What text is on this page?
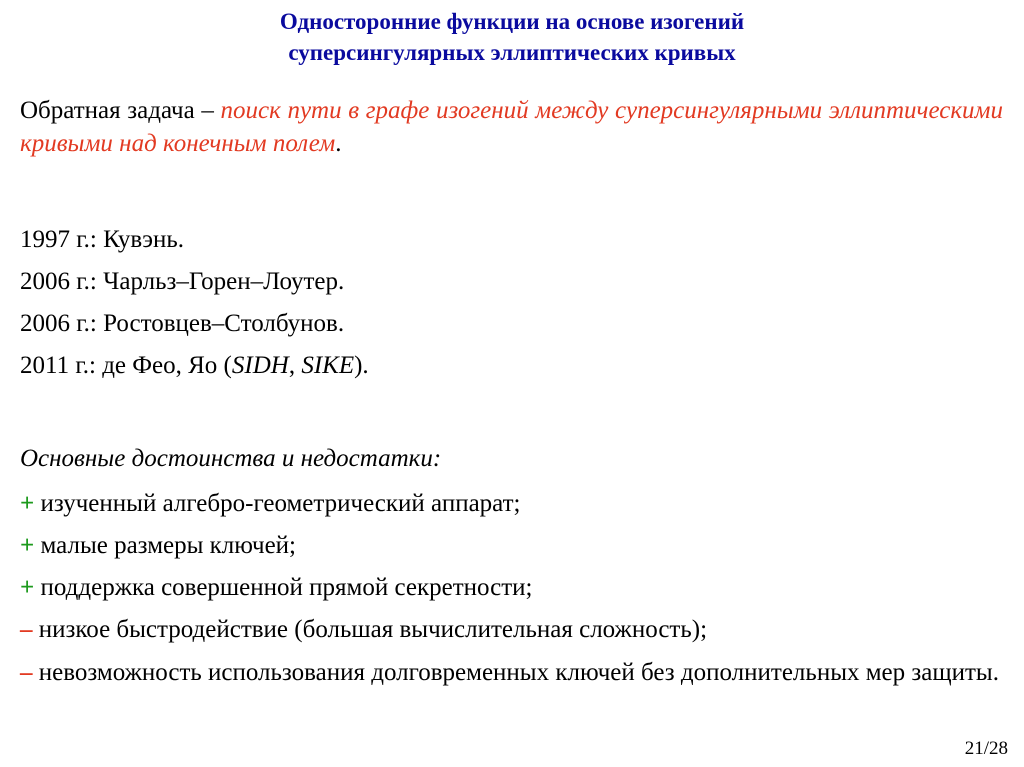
Односторонние функции на основе изогений
суперсингулярных эллиптических кривых
Обратная задача – поиск пути в графе изогений между суперсингулярными эллиптическими кривыми над конечным полем.
1997 г.: Кувэнь.
2006 г.: Чарльз–Горен–Лоутер.
2006 г.: Ростовцев–Столбунов.
2011 г.: де Фео, Яо (SIDH, SIKE).
Основные достоинства и недостатки:
+ изученный алгебро-геометрический аппарат;
+ малые размеры ключей;
+ поддержка совершенной прямой секретности;
– низкое быстродействие (большая вычислительная сложность);
– невозможность использования долговременных ключей без дополнительных мер защиты.
21/28
